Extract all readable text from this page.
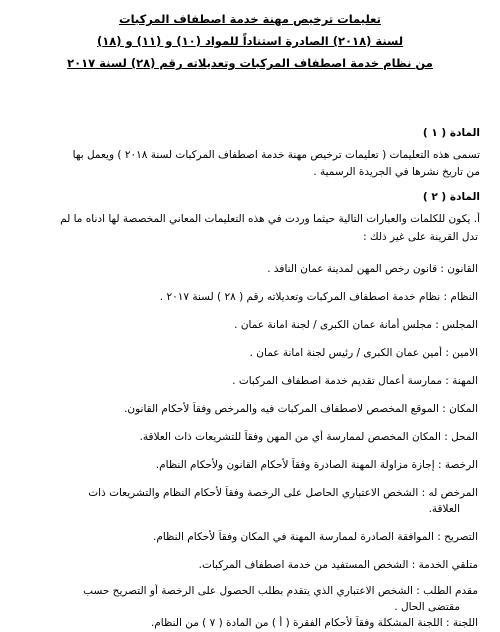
تعليمات ترخيص مهنة خدمة اصطفاف المركبات
لسنة (٢٠١٨) الصادرة استناداً للمواد (١٠) و (١١) و (١٨)
من نظام خدمة اصطفاف المركبات وتعديلاته رقم (٢٨) لسنة ٢٠١٧
المادة ( ١ )
تسمى هذه التعليمات ( تعليمات ترخيص مهنة خدمة اصطفاف المركبات لسنة ٢٠١٨ ) ويعمل بها
من تاريخ نشرها في الجريدة الرسمية .
المادة ( ٢ )
أ. يكون للكلمات والعبارات التالية حيثما وردت في هذه التعليمات المعاني المخصصة لها ادناه ما لم
تدل القرينة على غير ذلك :
القانون : قانون رخص المهن لمدينة عمان النافذ .
النظام : نظام خدمة اصطفاف المركبات وتعديلاته رقم ( ٢٨ ) لسنة ٢٠١٧ .
المجلس : مجلس أمانة عمان الكبرى / لجنة امانة عمان .
الامين : أمين عمان الكبرى / رئيس لجنة امانة عمان .
المهنة : ممارسة أعمال تقديم خدمة اصطفاف المركبات .
المكان : الموقع المخصص لاصطفاف المركبات فيه والمرخص وفقاً لأحكام القانون.
المحل : المكان المخصص لممارسة أي من المهن وفقاً للتشريعات ذات العلاقة.
الرخصة : إجازة مزاولة المهنة الصادرة وفقاً لأحكام القانون ولأحكام النظام.
المرخص له : الشخص الاعتباري الحاصل على الرخصة وفقاً لأحكام النظام والتشريعات ذات
العلاقة.
التصريح : الموافقة الصادرة لممارسة المهنة في المكان وفقاً لأحكام النظام.
متلقي الخدمة : الشخص المستفيد من خدمة اصطفاف المركبات.
مقدم الطلب : الشخص الاعتباري الذي يتقدم بطلب الحصول على الرخصة أو التصريح حسب
مقتضى الحال .
اللجنة : اللجنة المشكلة وفقاً لأحكام الفقرة ( أ ) من المادة ( ٧ ) من النظام.
